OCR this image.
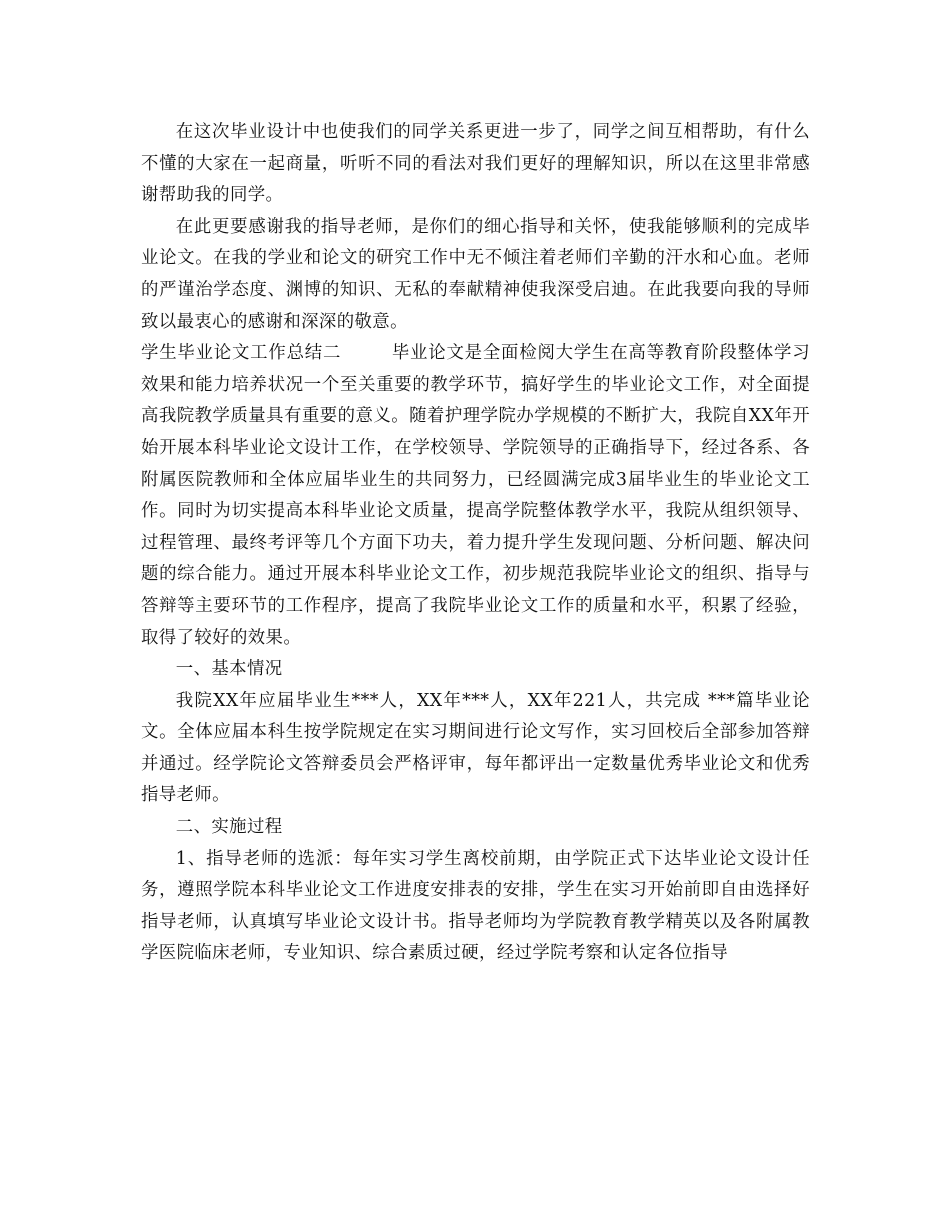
在这次毕业设计中也使我们的同学关系更进一步了，同学之间互相帮助，有什么不懂的大家在一起商量，听听不同的看法对我们更好的理解知识，所以在这里非常感谢帮助我的同学。

在此更要感谢我的指导老师，是你们的细心指导和关怀，使我能够顺利的完成毕业论文。在我的学业和论文的研究工作中无不倾注着老师们辛勤的汗水和心血。老师的严谨治学态度、渊博的知识、无私的奉献精神使我深受启迪。在此我要向我的导师致以最衷心的感谢和深深的敬意。

学生毕业论文工作总结二	毕业论文是全面检阅大学生在高等教育阶段整体学习效果和能力培养状况一个至关重要的教学环节，搞好学生的毕业论文工作，对全面提高我院教学质量具有重要的意义。随着护理学院办学规模的不断扩大，我院自XX年开始开展本科毕业论文设计工作，在学校领导、学院领导的正确指导下，经过各系、各附属医院教师和全体应届毕业生的共同努力，已经圆满完成3届毕业生的毕业论文工作。同时为切实提高本科毕业论文质量，提高学院整体教学水平，我院从组织领导、过程管理、最终考评等几个方面下功夫，着力提升学生发现问题、分析问题、解决问题的综合能力。通过开展本科毕业论文工作，初步规范我院毕业论文的组织、指导与答辩等主要环节的工作程序，提高了我院毕业论文工作的质量和水平，积累了经验，取得了较好的效果。

一、基本情况

我院XX年应届毕业生***人，XX年***人，XX年221人，共完成 ***篇毕业论文。全体应届本科生按学院规定在实习期间进行论文写作，实习回校后全部参加答辩并通过。经学院论文答辩委员会严格评审，每年都评出一定数量优秀毕业论文和优秀指导老师。

二、实施过程

1、指导老师的选派：每年实习学生离校前期，由学院正式下达毕业论文设计任务，遵照学院本科毕业论文工作进度安排表的安排，学生在实习开始前即自由选择好指导老师，认真填写毕业论文设计书。指导老师均为学院教育教学精英以及各附属教学医院临床老师，专业知识、综合素质过硬，经过学院考察和认定各位指导
